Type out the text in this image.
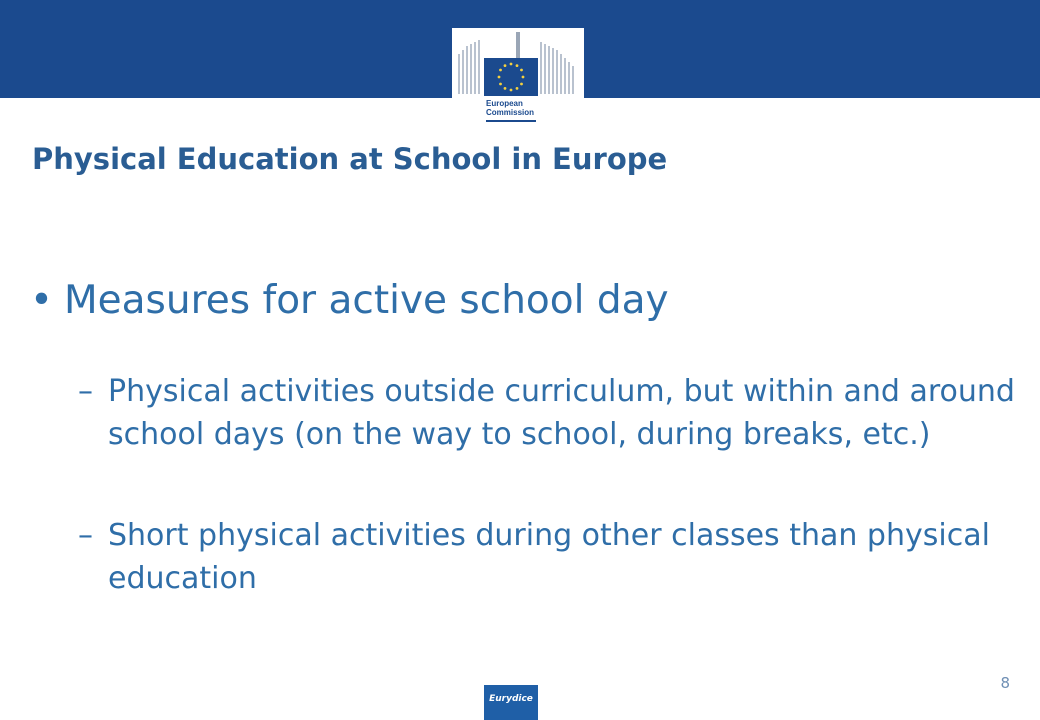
European
Commission
Physical Education at School in Europe
• Measures for active school day
– Physical activities outside curriculum, but within and around school days (on the way to school, during breaks, etc.)
– Short physical activities during other classes than physical education
8
Eurydice
